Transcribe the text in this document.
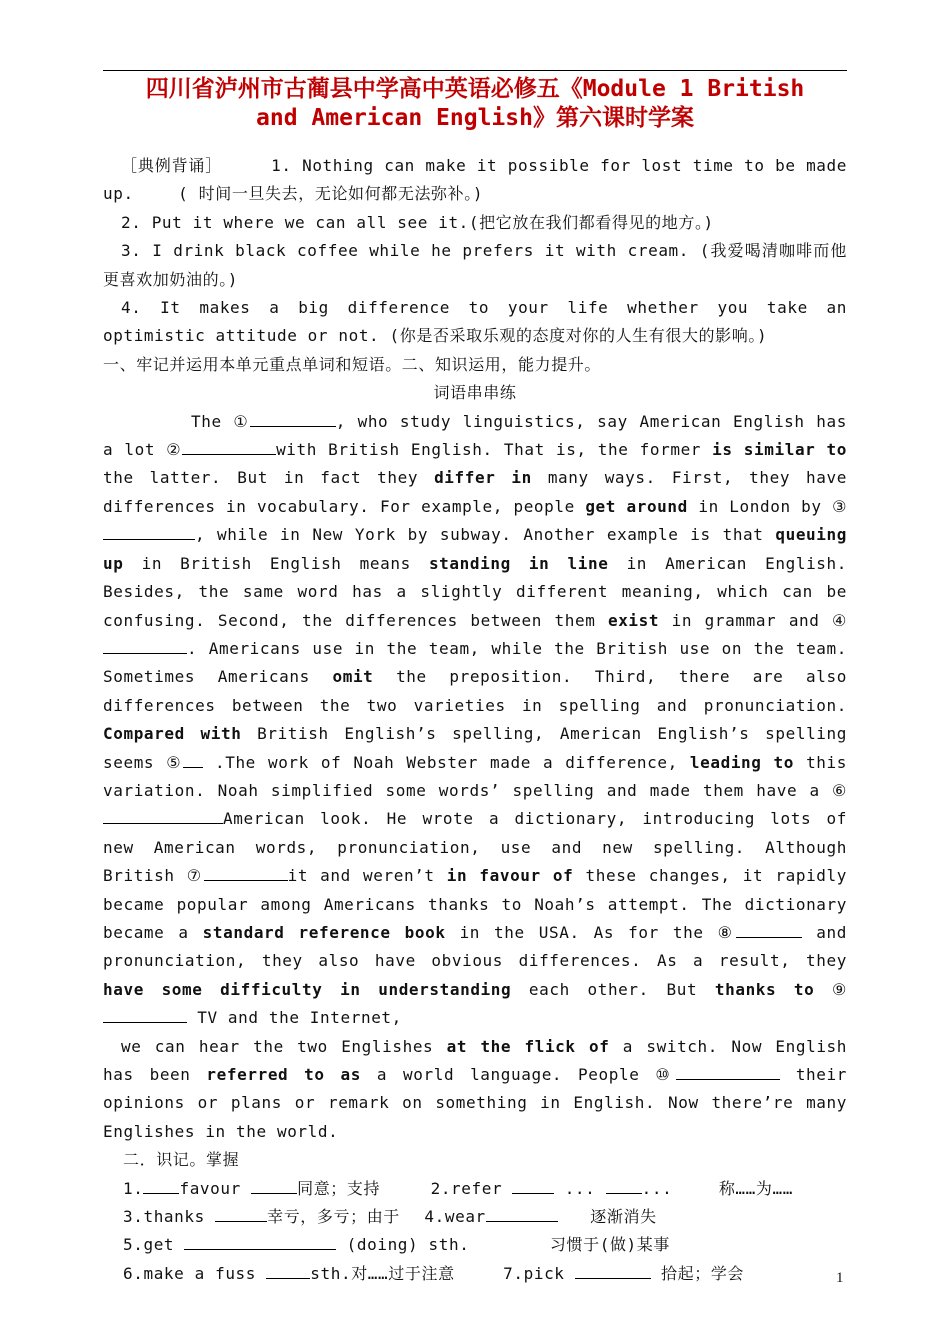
四川省泸州市古蔺县中学高中英语必修五《Module 1 British
and American English》第六课时学案
［典例背诵］	1. Nothing can make it possible for lost time to be made up.	( 时间一旦失去，无论如何都无法弥补。)
2. Put it where we can all see it.(把它放在我们都看得见的地方。)
3. I drink black coffee while he prefers it with cream. (我爱喝清咖啡而他更喜欢加奶油的。)
4. It makes a big difference to your life whether you take an optimistic attitude or not. (你是否采取乐观的态度对你的人生有很大的影响。)
一、牢记并运用本单元重点单词和短语。二、知识运用，能力提升。
词语串串练
The ①	, who study linguistics, say American English has a lot ②	with British English. That is, the former is similar to the latter. But in fact they differ in many ways. First, they have differences in vocabulary. For example, people get around in London by ③, while in New York by subway. Another example is that queuing up in British English means standing in line in American English. Besides, the same word has a slightly different meaning, which can be confusing. Second, the differences between them exist in grammar and ④. Americans use in the team, while the British use on the team. Sometimes Americans omit the preposition. Third, there are also differences between the two varieties in spelling and pronunciation. Compared with British English’s spelling, American English’s spelling seems ⑤ .The work of Noah Webster made a difference, leading to this variation. Noah simplified some words’ spelling and made them have a ⑥American look. He wrote a dictionary, introducing lots of new American words, pronunciation, use and new spelling. Although British ⑦	it and weren’t in favour of these changes, it rapidly became popular among Americans thanks to Noah’s attempt. The dictionary became a standard reference book in the USA. As for the ⑧	and pronunciation, they also have obvious differences. As a result, they have some difficulty in understanding each other. But thanks to ⑨ TV and the Internet,
we can hear the two Englishes at the flick of a switch. Now English has been referred to as a world language. People ⑩	their opinions or plans or remark on something in English. Now there’re many Englishes in the world.
二．识记。掌握
1. favour	同意；支持	2.refer	...	...	称……为……
3.thanks	幸亏，多亏；由于 4.wear	逐渐消失
5.get	(doing) sth.	习惯于(做)某事
6.make a fuss	sth.对……过于注意	7.pick	拾起；学会	1
